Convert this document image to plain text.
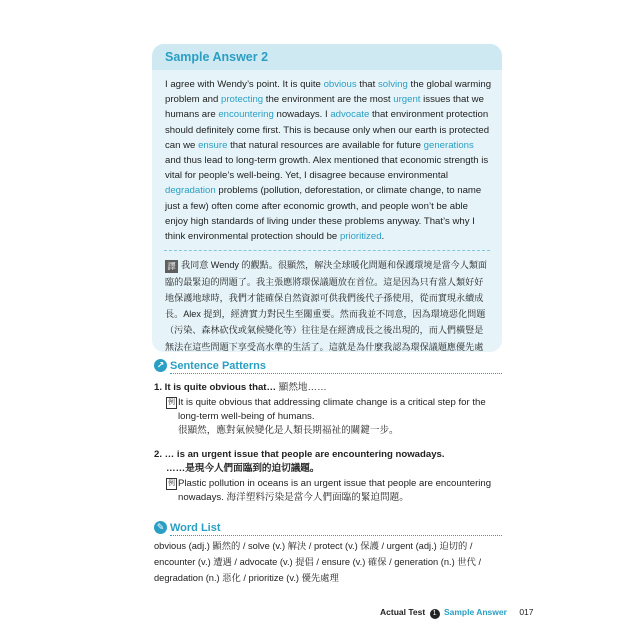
Sample Answer 2

I agree with Wendy’s point. It is quite obvious that solving the global warming problem and protecting the environment are the most urgent issues that we humans are encountering nowadays. I advocate that environment protection should definitely come first. This is because only when our earth is protected can we ensure that natural resources are available for future generations and thus lead to long-term growth. Alex mentioned that economic strength is vital for people’s well-being. Yet, I disagree because environmental degradation problems (pollution, deforestation, or climate change, to name just a few) often come after economic growth, and people won’t be able enjoy high standards of living under these problems anyway. That’s why I think environmental protection should be prioritized.

譯 我同意 Wendy 的觀點。很顯然，解決全球暖化問題和保護環境是當今人類面臨的最緊迫的問題了。我主張應將環保議題放在首位。這是因為只有當人類好好地保護地球時，我們才能確保自然資源可供我們後代子孫使用，從而實現永續成長。Alex 提到，經濟實力對民生至關重要。然而我並不同意，因為環境惡化問題（污染、森林砍伐或氣候變化等）往往是在經濟成長之後出現的，而人們橫豎是無法在這些問題下享受高水準的生活了。這就是為什麼我認為環保議題應優先處

↗ Sentence Patterns
1. It is quite obvious that… 顯然地……
例 It is quite obvious that addressing climate change is a critical step for the long-term well-being of humans.
很顯然，應對氣候變化是人類長期福祉的關鍵一步。
2. … is an urgent issue that people are encountering nowadays.
……是現今人們面臨到的迫切議題。
例 Plastic pollution in oceans is an urgent issue that people are encountering nowadays. 海洋塑料污染是當今人們面臨的緊迫問題。
✎ Word List

obvious (adj.) 顯然的 / solve (v.) 解決 / protect (v.) 保護 / urgent (adj.) 迫切的 / encounter (v.) 遭遇 / advocate (v.) 提倡 / ensure (v.) 確保 / generation (n.) 世代 / degradation (n.) 惡化 / prioritize (v.) 優先處理

Actual Test 1 Sample Answer 017
